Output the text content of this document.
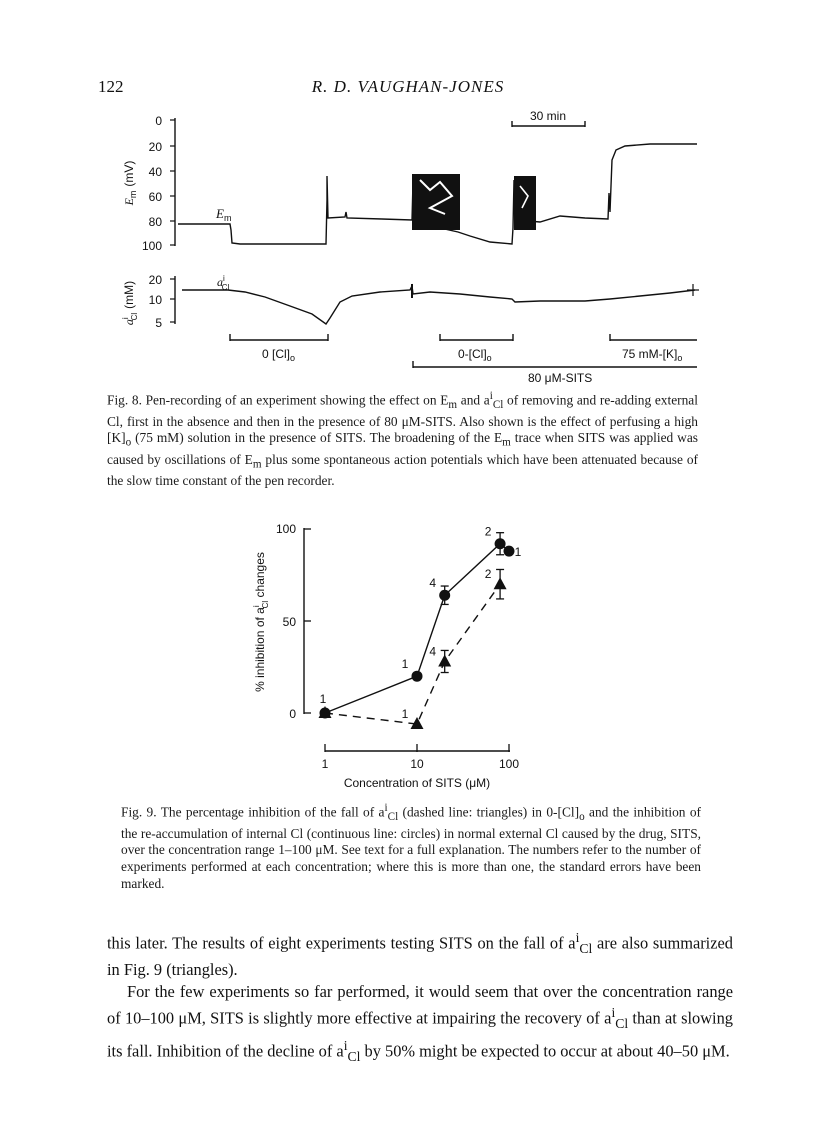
122	R. D. VAUGHAN-JONES
0
20
40
60
80
100
$E_m(mV)$
$E_m$
30 min
20
10
5
$a^iCl(mM)$	$a^i$ Cl
0 $[Cl]_o$	$0-[Cl]_o$	75 $mM-[K]_o$
80 μM-SITS
Fig. 8. Pen-recording of an experiment showing the effect on $E_m$ and $a^i_{Cl}$ of removing and re-adding external Cl, first in the absence and then in the presence of 80 μM-SITS. Also shown is the effect of perfusing a high $[K]_o$ (75 mM) solution in the presence of SITS. The broadening of the $E_m$ trace when SITS was applied was caused by oscillations of $E_m$ plus some spontaneous action potentials which have been attenuated because of the slow time constant of the pen recorder.
100
50
0
1	10	100
Concentration of SITS (μM)
% inhibition of $a^iCl$ changes
1
1
4
2
1
1
4
2
Fig. 9. The percentage inhibition of the fall of $a^i_{Cl}$ (dashed line: triangles) in $0-[Cl]_o$ and the inhibition of the re-accumulation of internal Cl (continuous line: circles) in normal external Cl caused by the drug, SITS, over the concentration range 1–100 μM. See text for a full explanation. The numbers refer to the number of experiments performed at each concentration; where this is more than one, the standard errors have been marked.

this later. The results of eight experiments testing SITS on the fall of $a^i_{Cl}$ are also summarized in Fig. 9 (triangles).

For the few experiments so far performed, it would seem that over the concentration range of 10–100 μM, SITS is slightly more effective at impairing the recovery of $a^i_{Cl}$ than at slowing its fall. Inhibition of the decline of $a^i_{Cl}$ by 50% might be expected to occur at about 40–50 μM.
